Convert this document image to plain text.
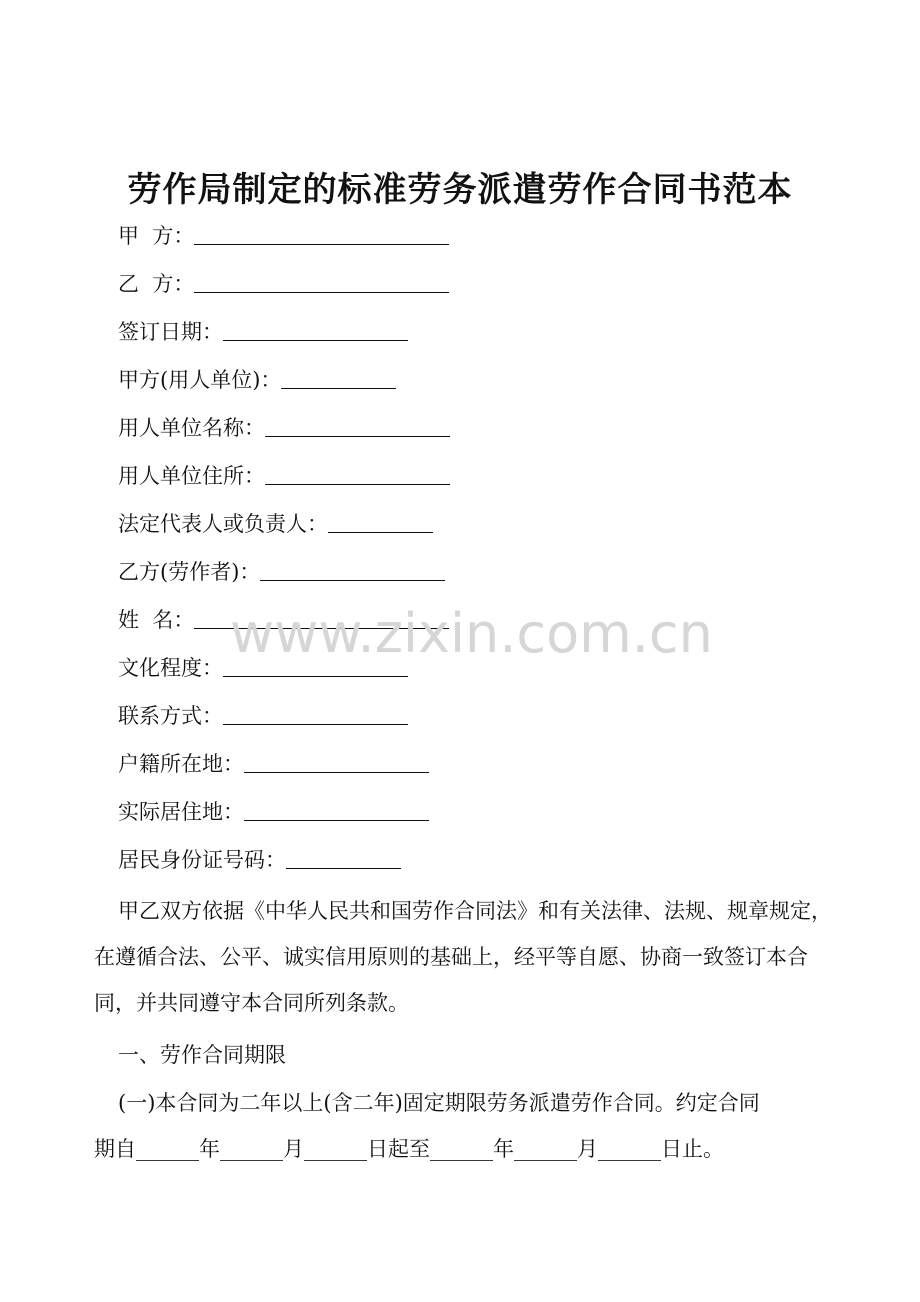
劳作局制定的标准劳务派遣劳作合同书范本
甲  方：
乙  方：
签订日期：
甲方(用人单位)：
用人单位名称：
用人单位住所：
法定代表人或负责人：
乙方(劳作者)：
姓  名：
文化程度：
联系方式：
户籍所在地：
实际居住地：
居民身份证号码：
www.zixin.com.cn
甲乙双方依据《中华人民共和国劳作合同法》和有关法律、法规、规章规定，在遵循合法、公平、诚实信用原则的基础上，经平等自愿、协商一致签订本合同，并共同遵守本合同所列条款。
一、劳作合同期限
(一)本合同为二年以上(含二年)固定期限劳务派遣劳作合同。约定合同
期自______年______月______日起至______年______月______日止。
